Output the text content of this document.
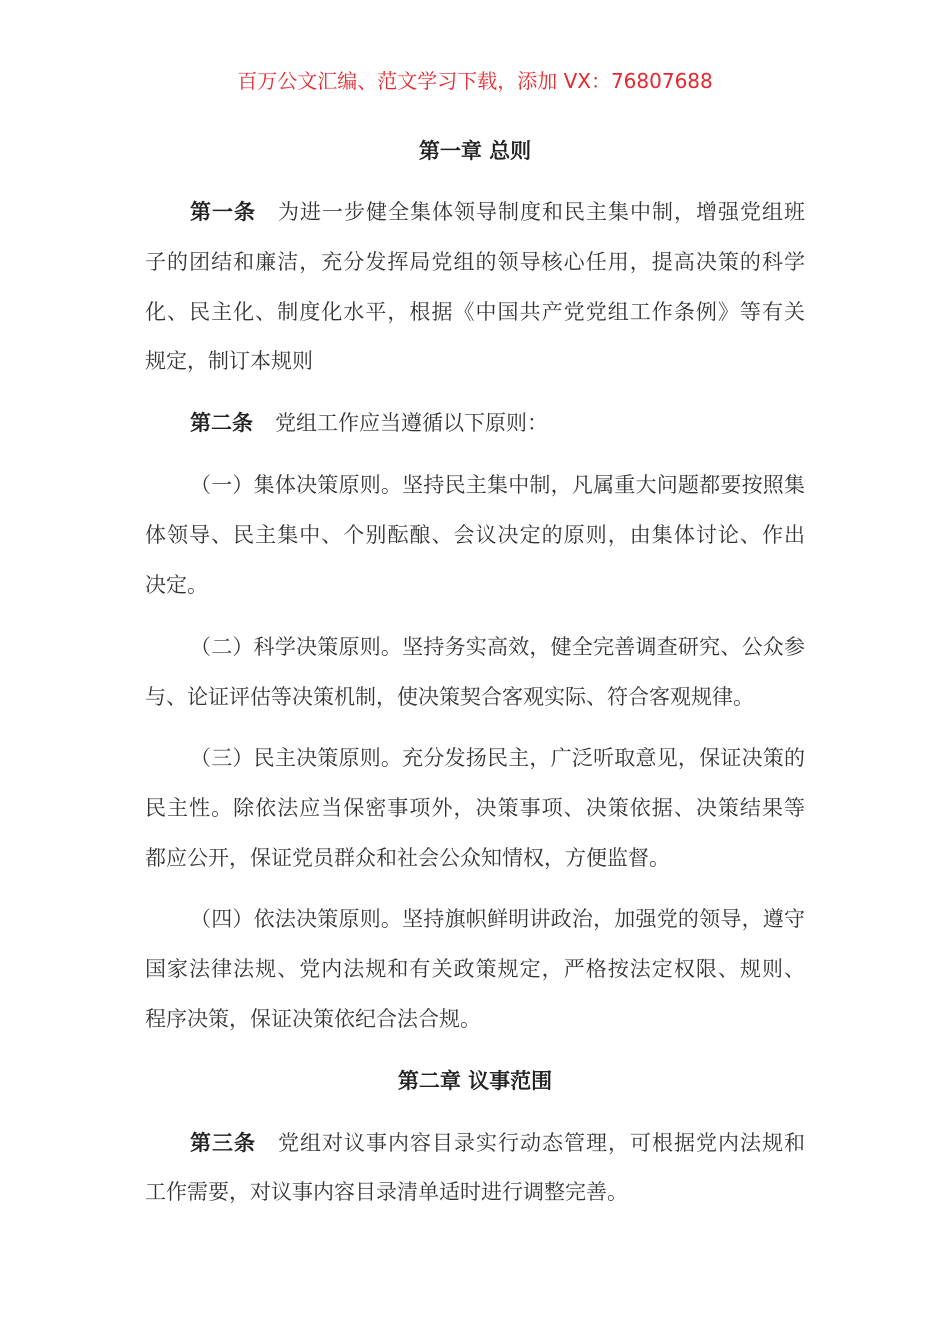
百万公文汇编、范文学习下载，添加 VX：76807688
第一章 总则
第一条 为进一步健全集体领导制度和民主集中制，增强党组班
子的团结和廉洁，充分发挥局党组的领导核心任用，提高决策的科学
化、民主化、制度化水平，根据《中国共产党党组工作条例》等有关
规定，制订本规则
第二条 党组工作应当遵循以下原则：
（一）集体决策原则。坚持民主集中制，凡属重大问题都要按照集
体领导、民主集中、个别酝酿、会议决定的原则，由集体讨论、作出
决定。
（二）科学决策原则。坚持务实高效，健全完善调查研究、公众参
与、论证评估等决策机制，使决策契合客观实际、符合客观规律。
（三）民主决策原则。充分发扬民主，广泛听取意见，保证决策的
民主性。除依法应当保密事项外，决策事项、决策依据、决策结果等
都应公开，保证党员群众和社会公众知情权，方便监督。
（四）依法决策原则。坚持旗帜鲜明讲政治，加强党的领导，遵守
国家法律法规、党内法规和有关政策规定，严格按法定权限、规则、
程序决策，保证决策依纪合法合规。
第二章 议事范围
第三条 党组对议事内容目录实行动态管理，可根据党内法规和
工作需要，对议事内容目录清单适时进行调整完善。
